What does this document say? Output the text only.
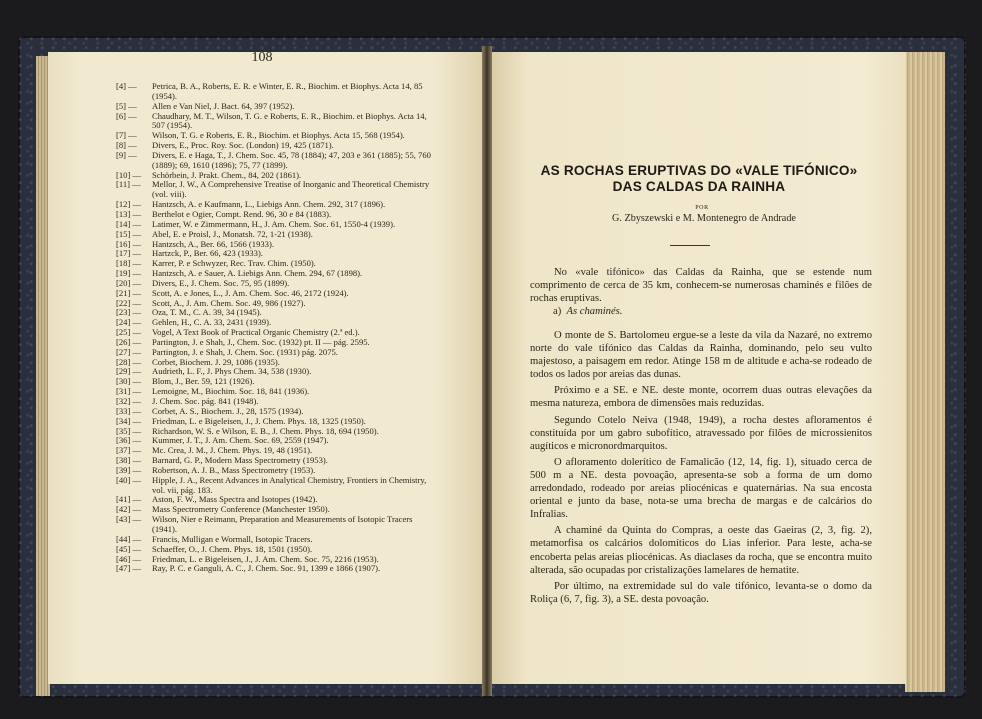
108
[4] —	Petrica, B. A., Roberts, E. R. e Winter, E. R., Biochim. et Biophys. Acta 14, 85 (1954).
[5] —	Allen e Van Niel, J. Bact. 64, 397 (1952).
[6] —	Chaudhary, M. T., Wilson, T. G. e Roberts, E. R., Biochim. et Biophys. Acta 14, 507 (1954).
[7] —	Wilson, T. G. e Roberts, E. R., Biochim. et Biophys. Acta 15, 568 (1954).
[8] —	Divers, E., Proc. Roy. Soc. (London) 19, 425 (1871).
[9] —	Divers, E. e Haga, T., J. Chem. Soc. 45, 78 (1884); 47, 203 e 361 (1885); 55, 760 (1889); 69, 1610 (1896); 75, 77 (1899).
[10] —	Schörbein, J. Prakt. Chem., 84, 202 (1861).
[11] —	Mellor, J. W., A Comprehensive Treatise of Inorganic and Theoretical Chemistry (vol. viii).
[12] —	Hantzsch, A. e Kaufmann, L., Liebigs Ann. Chem. 292, 317 (1896).
[13] —	Berthelot e Ogier, Compt. Rend. 96, 30 e 84 (1883).
[14] —	Latimer, W. e Zimmermann, H., J. Am. Chem. Soc. 61, 1550-4 (1939).
[15] —	Abel, E. e Proisl, J., Monatsh. 72, 1-21 (1938).
[16] —	Hantzsch, A., Ber. 66, 1566 (1933).
[17] —	Hartzck, P., Ber. 66, 423 (1933).
[18] —	Karrer, P. e Schwyzer, Rec. Trav. Chim. (1950).
[19] —	Hantzsch, A. e Sauer, A. Liebigs Ann. Chem. 294, 67 (1898).
[20] —	Divers, E., J. Chem. Soc. 75, 95 (1899).
[21] —	Scott, A. e Jones, L., J. Am. Chem. Soc. 46, 2172 (1924).
[22] —	Scott, A., J. Am. Chem. Soc. 49, 986 (1927).
[23] —	Oza, T. M., C. A. 39, 34 (1945).
[24] —	Gehlen, H., C. A. 33, 2431 (1939).
[25] —	Vogel, A Text Book of Practical Organic Chemistry (2.ª ed.).
[26] —	Partington, J. e Shah, J., Chem. Soc. (1932) pt. II — pág. 2595.
[27] —	Partington, J. e Shah, J. Chem. Soc. (1931) pág. 2075.
[28] —	Corbet, Biochem. J. 29, 1086 (1935).
[29] —	Audrieth, L. F., J. Phys Chem. 34, 538 (1930).
[30] —	Blom, J., Ber. 59, 121 (1926).
[31] —	Lemoigne, M., Biochim. Soc. 18, 841 (1936).
[32] —	J. Chem. Soc. pág. 841 (1948).
[33] —	Corbet, A. S., Biochem. J., 28, 1575 (1934).
[34] —	Friedman, L. e Bigeleisen, J., J. Chem. Phys. 18, 1325 (1950).
[35] —	Richardson, W. S. e Wilson, E. B., J. Chem. Phys. 18, 694 (1950).
[36] —	Kummer, J. T., J. Am. Chem. Soc. 69, 2559 (1947).
[37] —	Mc. Crea, J. M., J. Chem. Phys. 19, 48 (1951).
[38] —	Barnard, G. P., Modern Mass Spectrometry (1953).
[39] —	Robertson, A. J. B., Mass Spectrometry (1953).
[40] —	Hipple, J. A., Recent Advances in Analytical Chemistry, Frontiers in Chemistry, vol. vii, pág. 183.
[41] —	Aston, F. W., Mass Spectra and Isotopes (1942).
[42] —	Mass Spectrometry Conference (Manchester 1950).
[43] —	Wilson, Nier e Reimann, Preparation and Measurements of Isotopic Tracers (1941).
[44] —	Francis, Mulligan e Wormall, Isotopic Tracers.
[45] —	Schaeffer, O., J. Chem. Phys. 18, 1501 (1950).
[46] —	Friedman, L. e Bigeleisen, J., J. Am. Chem. Soc. 75, 2216 (1953).
[47] —	Ray, P. C. e Ganguli, A. C., J. Chem. Soc. 91, 1399 e 1866 (1907).
AS ROCHAS ERUPTIVAS DO «VALE TIFÓNICO»
DAS CALDAS DA RAINHA
POR
G. Zbyszewski e M. Montenegro de Andrade

No «vale tifónico» das Caldas da Rainha, que se estende num comprimento de cerca de 35 km, conhecem-se numerosas chaminés e filões de rochas eruptivas.

a) As chaminés.

O monte de S. Bartolomeu ergue-se a leste da vila da Nazaré, no extremo norte do vale tifónico das Caldas da Rainha, dominando, pelo seu vulto majestoso, a paisagem em redor. Atinge 158 m de altitude e acha-se rodeado de todos os lados por areias das dunas.

Próximo e a SE. e NE. deste monte, ocorrem duas outras elevações da mesma natureza, embora de dimensões mais reduzidas.

Segundo Cotelo Neiva (1948, 1949), a rocha destes afloramentos é constituída por um gabro subofítico, atravessado por filões de microssienitos augíticos e micronordmarquitos.

O afloramento dolerítico de Famalicão (12, 14, fig. 1), situado cerca de 500 m a NE. desta povoação, apresenta-se sob a forma de um domo arredondado, rodeado por areias pliocénicas e quaternárias. Na sua encosta oriental e junto da base, nota-se uma brecha de margas e de calcários do Infralias.

A chaminé da Quinta do Compras, a oeste das Gaeiras (2, 3, fig. 2), metamorfisa os calcários dolomíticos do Lias inferior. Para leste, acha-se encoberta pelas areias pliocénicas. As diaclases da rocha, que se encontra muito alterada, são ocupadas por cristalizações lamelares de hematite.

Por último, na extremidade sul do vale tifónico, levanta-se o domo da Roliça (6, 7, fig. 3), a SE. desta povoação.
